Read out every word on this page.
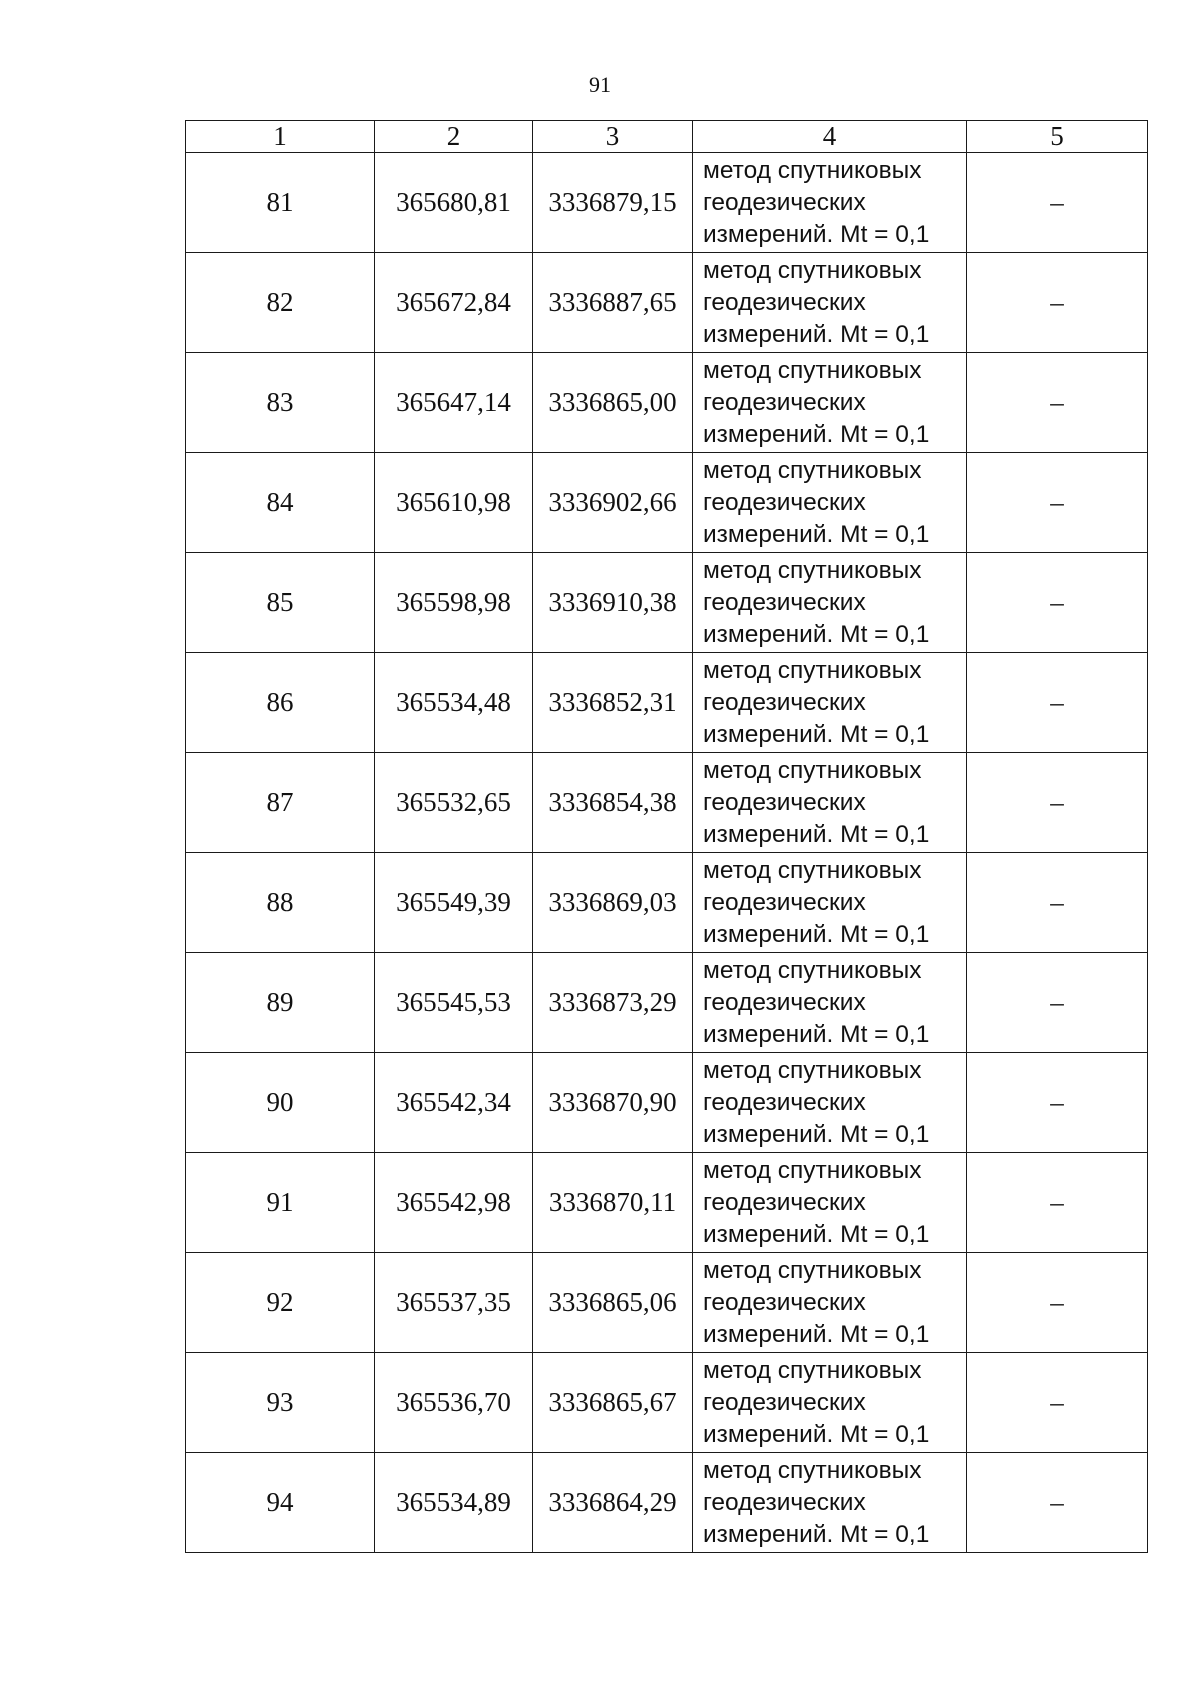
91
1	2	3	4	5
81	365680,81	3336879,15	метод спутниковых
геодезических
измерений. Mt = 0,1	–
82	365672,84	3336887,65	метод спутниковых
геодезических
измерений. Mt = 0,1	–
83	365647,14	3336865,00	метод спутниковых
геодезических
измерений. Mt = 0,1	–
84	365610,98	3336902,66	метод спутниковых
геодезических
измерений. Mt = 0,1	–
85	365598,98	3336910,38	метод спутниковых
геодезических
измерений. Mt = 0,1	–
86	365534,48	3336852,31	метод спутниковых
геодезических
измерений. Mt = 0,1	–
87	365532,65	3336854,38	метод спутниковых
геодезических
измерений. Mt = 0,1	–
88	365549,39	3336869,03	метод спутниковых
геодезических
измерений. Mt = 0,1	–
89	365545,53	3336873,29	метод спутниковых
геодезических
измерений. Mt = 0,1	–
90	365542,34	3336870,90	метод спутниковых
геодезических
измерений. Mt = 0,1	–
91	365542,98	3336870,11	метод спутниковых
геодезических
измерений. Mt = 0,1	–
92	365537,35	3336865,06	метод спутниковых
геодезических
измерений. Mt = 0,1	–
93	365536,70	3336865,67	метод спутниковых
геодезических
измерений. Mt = 0,1	–
94	365534,89	3336864,29	метод спутниковых
геодезических
измерений. Mt = 0,1	–
